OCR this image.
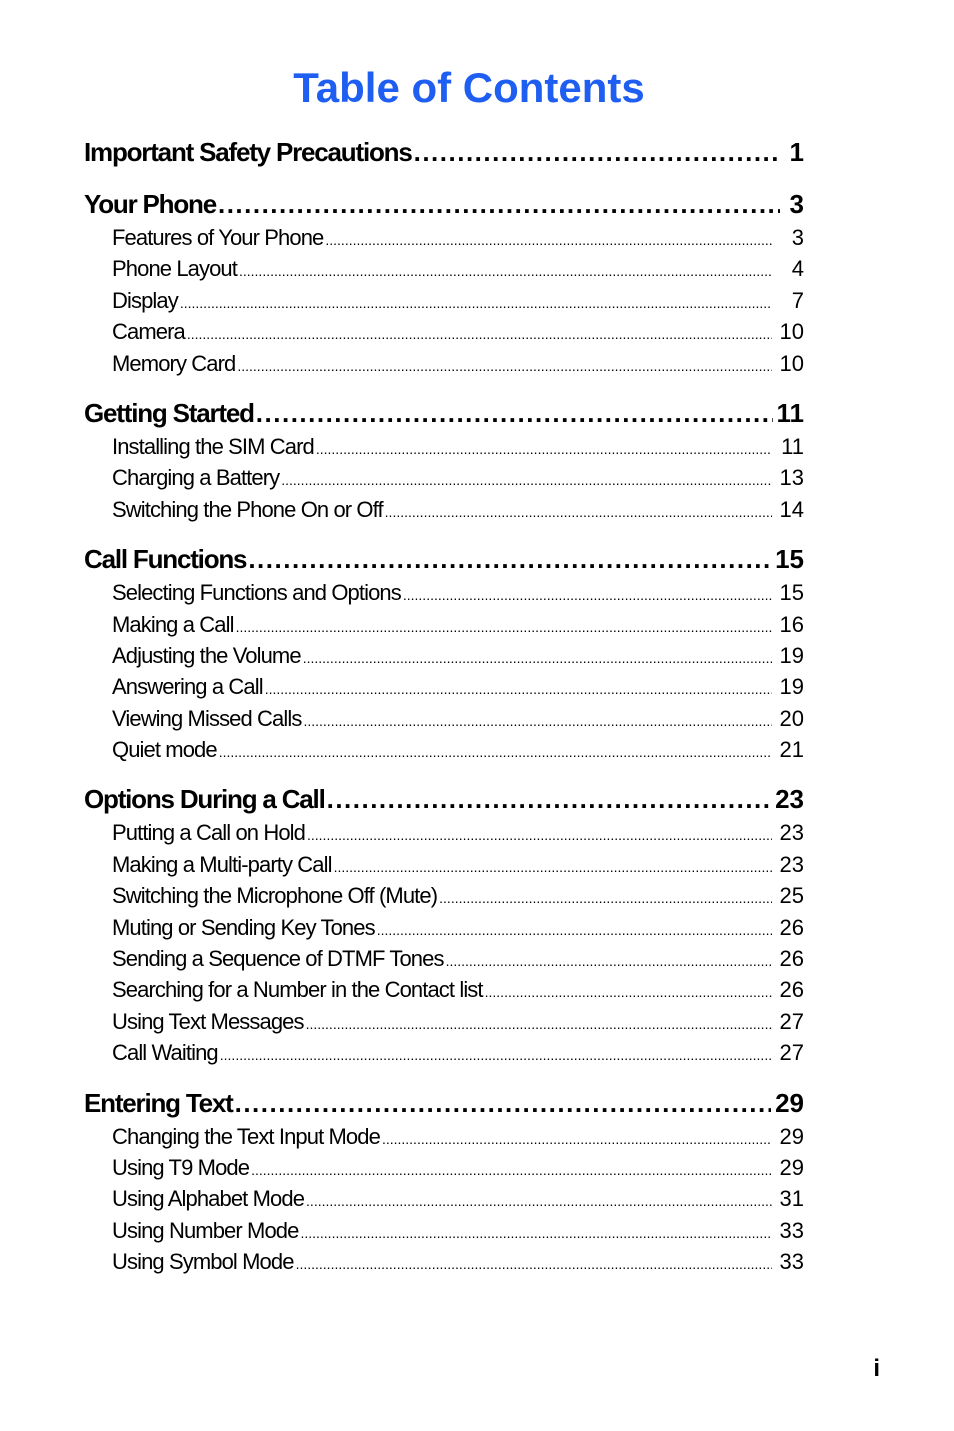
Table of Contents
Important Safety Precautions .....	1
Your Phone .....	3
Features of Your Phone .....	3
Phone Layout .....	4
Display .....	7
Camera .....	10
Memory Card .....	10
Getting Started .....	11
Installing the SIM Card .....	11
Charging a Battery .....	13
Switching the Phone On or Off .....	14
Call Functions .....	15
Selecting Functions and Options .....	15
Making a Call .....	16
Adjusting the Volume .....	19
Answering a Call .....	19
Viewing Missed Calls .....	20
Quiet mode .....	21
Options During a Call .....	23
Putting a Call on Hold .....	23
Making a Multi-party Call .....	23
Switching the Microphone Off (Mute) .....	25
Muting or Sending Key Tones .....	26
Sending a Sequence of DTMF Tones .....	26
Searching for a Number in the Contact list .....	26
Using Text Messages .....	27
Call Waiting .....	27
Entering Text .....	29
Changing the Text Input Mode .....	29
Using T9 Mode .....	29
Using Alphabet Mode .....	31
Using Number Mode .....	33
Using Symbol Mode .....	33
i
